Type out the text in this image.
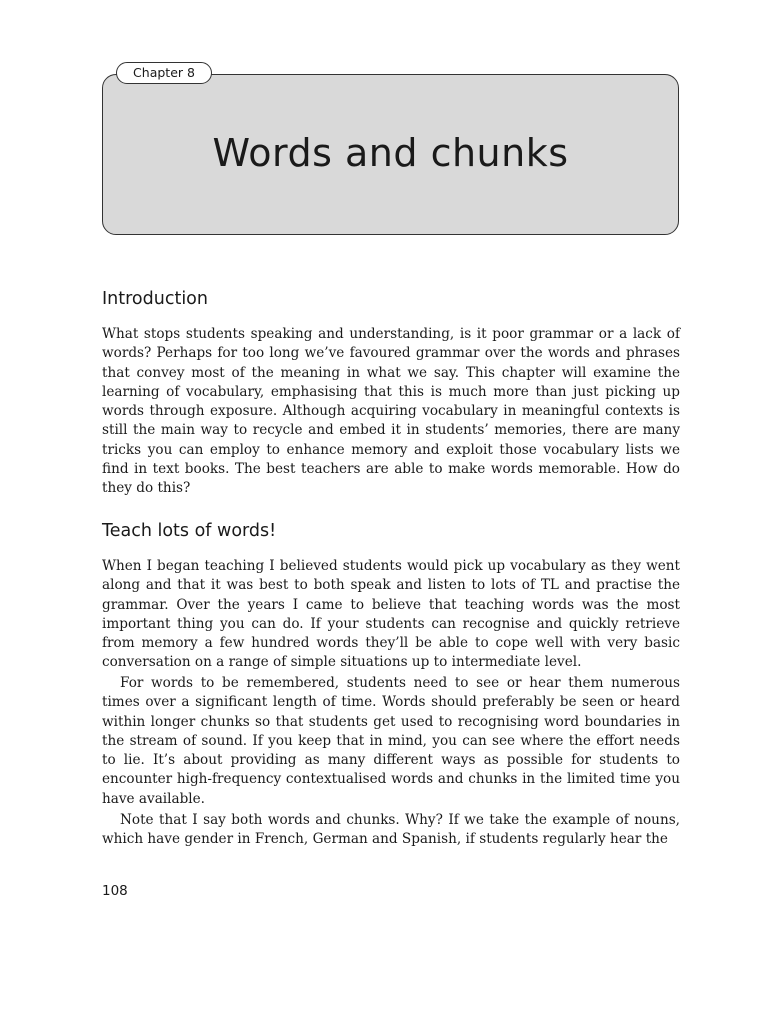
Chapter 8
Words and chunks
Introduction

What stops students speaking and understanding, is it poor grammar or a lack of words? Perhaps for too long we’ve favoured grammar over the words and phrases that convey most of the meaning in what we say. This chapter will examine the learning of vocabulary, emphasising that this is much more than just picking up words through exposure. Although acquiring vocabulary in meaningful contexts is still the main way to recycle and embed it in students’ memories, there are many tricks you can employ to enhance memory and exploit those vocabulary lists we find in text books. The best teachers are able to make words memorable. How do they do this?

Teach lots of words!

When I began teaching I believed students would pick up vocabulary as they went along and that it was best to both speak and listen to lots of TL and practise the grammar. Over the years I came to believe that teaching words was the most important thing you can do. If your students can recognise and quickly retrieve from memory a few hundred words they’ll be able to cope well with very basic conversation on a range of simple situations up to intermediate level.

For words to be remembered, students need to see or hear them numerous times over a significant length of time. Words should preferably be seen or heard within longer chunks so that students get used to recognising word boundaries in the stream of sound. If you keep that in mind, you can see where the effort needs to lie. It’s about providing as many different ways as possible for students to encounter high-frequency contextualised words and chunks in the limited time you have available.

Note that I say both words and chunks. Why? If we take the example of nouns, which have gender in French, German and Spanish, if students regularly hear the

108
